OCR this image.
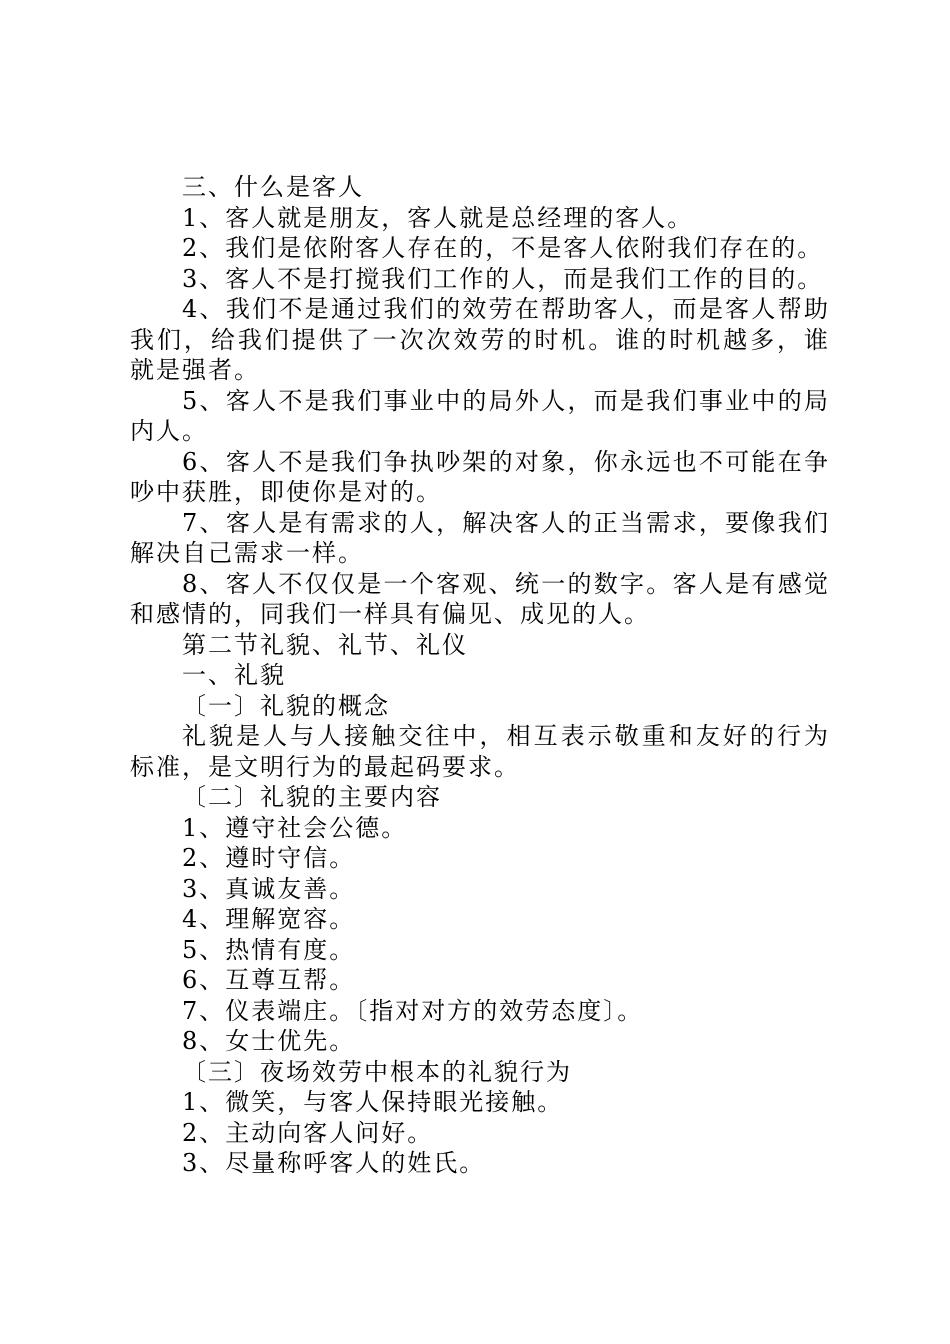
三、什么是客人

1、客人就是朋友，客人就是总经理的客人。

2、我们是依附客人存在的，不是客人依附我们存在的。

3、客人不是打搅我们工作的人，而是我们工作的目的。

4、我们不是通过我们的效劳在帮助客人，而是客人帮助我们，给我们提供了一次次效劳的时机。谁的时机越多，谁就是强者。

5、客人不是我们事业中的局外人，而是我们事业中的局内人。

6、客人不是我们争执吵架的对象，你永远也不可能在争吵中获胜，即使你是对的。

7、客人是有需求的人，解决客人的正当需求，要像我们解决自己需求一样。

8、客人不仅仅是一个客观、统一的数字。客人是有感觉和感情的，同我们一样具有偏见、成见的人。

第二节礼貌、礼节、礼仪

一、礼貌

〔一〕礼貌的概念

礼貌是人与人接触交往中，相互表示敬重和友好的行为标准，是文明行为的最起码要求。

〔二〕礼貌的主要内容

1、遵守社会公德。

2、遵时守信。

3、真诚友善。

4、理解宽容。

5、热情有度。

6、互尊互帮。

7、仪表端庄。〔指对对方的效劳态度〕。

8、女士优先。

〔三〕夜场效劳中根本的礼貌行为

1、微笑，与客人保持眼光接触。

2、主动向客人问好。

3、尽量称呼客人的姓氏。
